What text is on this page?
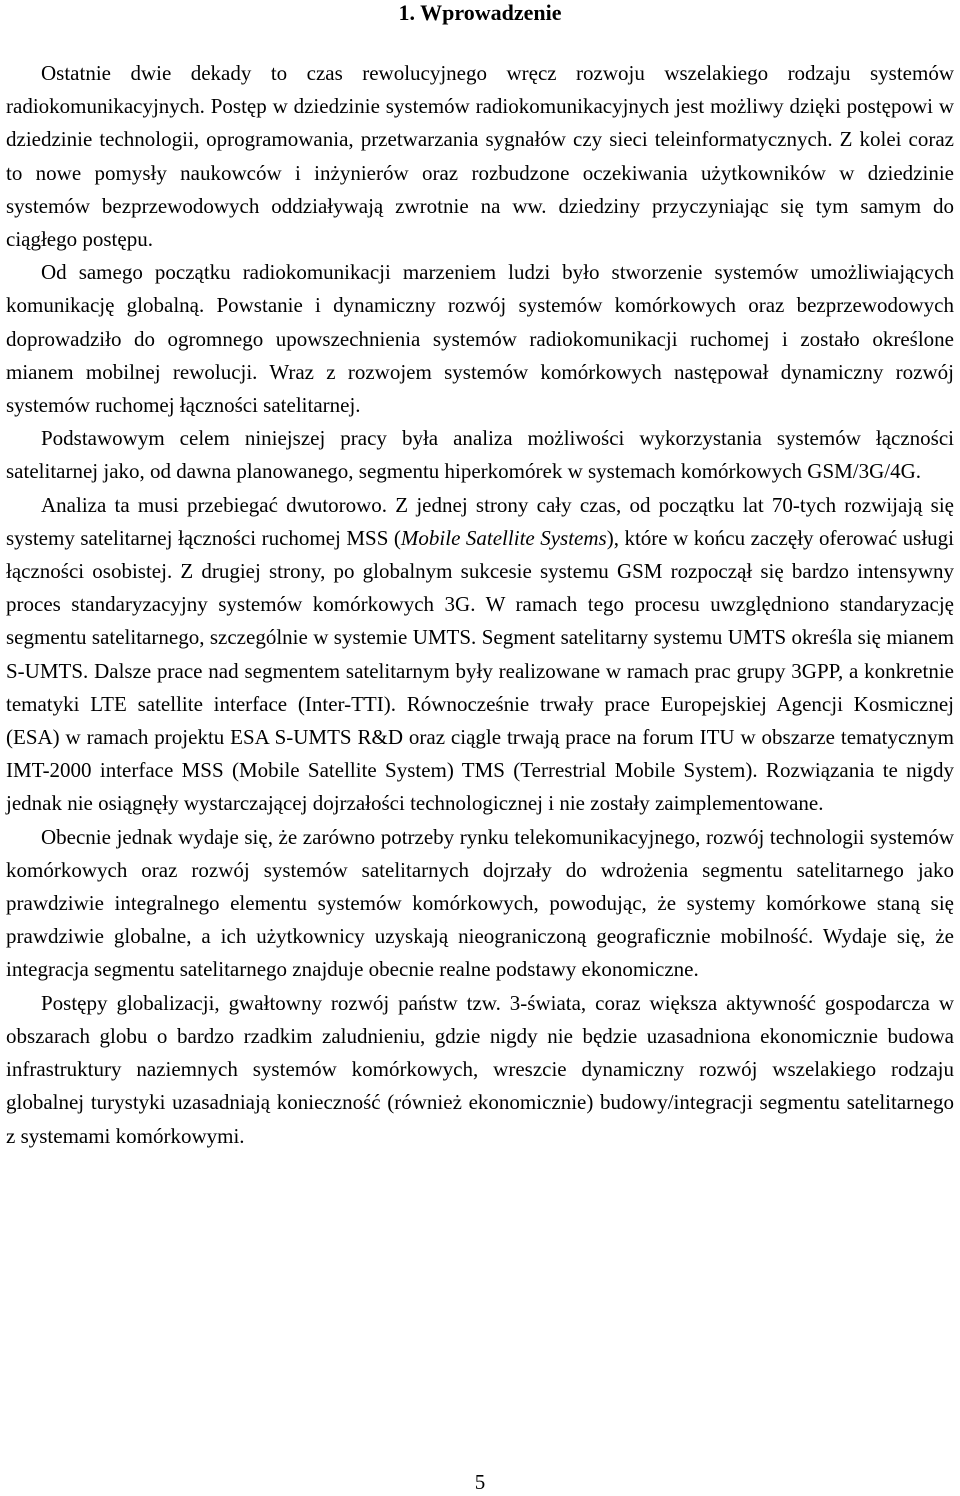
1. Wprowadzenie

Ostatnie dwie dekady to czas rewolucyjnego wręcz rozwoju wszelakiego rodzaju systemów radiokomunikacyjnych. Postęp w dziedzinie systemów radiokomunikacyjnych jest możliwy dzięki postępowi w dziedzinie technologii, oprogramowania, przetwarzania sygnałów czy sieci teleinformatycznych. Z kolei coraz to nowe pomysły naukowców i inżynierów oraz rozbudzone oczekiwania użytkowników w dziedzinie systemów bezprzewodowych oddziaływają zwrotnie na ww. dziedziny przyczyniając się tym samym do ciągłego postępu.

Od samego początku radiokomunikacji marzeniem ludzi było stworzenie systemów umożliwiających komunikację globalną. Powstanie i dynamiczny rozwój systemów komórkowych oraz bezprzewodowych doprowadziło do ogromnego upowszechnienia systemów radiokomunikacji ruchomej i zostało określone mianem mobilnej rewolucji. Wraz z rozwojem systemów komórkowych następował dynamiczny rozwój systemów ruchomej łączności satelitarnej.

Podstawowym celem niniejszej pracy była analiza możliwości wykorzystania systemów łączności satelitarnej jako, od dawna planowanego, segmentu hiperkomórek w systemach komórkowych GSM/3G/4G.

Analiza ta musi przebiegać dwutorowo. Z jednej strony cały czas, od początku lat 70-tych rozwijają się systemy satelitarnej łączności ruchomej MSS (Mobile Satellite Systems), które w końcu zaczęły oferować usługi łączności osobistej. Z drugiej strony, po globalnym sukcesie systemu GSM rozpoczął się bardzo intensywny proces standaryzacyjny systemów komórkowych 3G. W ramach tego procesu uwzględniono standaryzację segmentu satelitarnego, szczególnie w systemie UMTS. Segment satelitarny systemu UMTS określa się mianem S-UMTS. Dalsze prace nad segmentem satelitarnym były realizowane w ramach prac grupy 3GPP, a konkretnie tematyki LTE satellite interface (Inter-TTI). Równocześnie trwały prace Europejskiej Agencji Kosmicznej (ESA) w ramach projektu ESA S-UMTS R&D oraz ciągle trwają prace na forum ITU w obszarze tematycznym IMT-2000 interface MSS (Mobile Satellite System) TMS (Terrestrial Mobile System). Rozwiązania te nigdy jednak nie osiągnęły wystarczającej dojrzałości technologicznej i nie zostały zaimplementowane.

Obecnie jednak wydaje się, że zarówno potrzeby rynku telekomunikacyjnego, rozwój technologii systemów komórkowych oraz rozwój systemów satelitarnych dojrzały do wdrożenia segmentu satelitarnego jako prawdziwie integralnego elementu systemów komórkowych, powodując, że systemy komórkowe staną się prawdziwie globalne, a ich użytkownicy uzyskają nieograniczoną geograficznie mobilność. Wydaje się, że integracja segmentu satelitarnego znajduje obecnie realne podstawy ekonomiczne.

Postępy globalizacji, gwałtowny rozwój państw tzw. 3-świata, coraz większa aktywność gospodarcza w obszarach globu o bardzo rzadkim zaludnieniu, gdzie nigdy nie będzie uzasadniona ekonomicznie budowa infrastruktury naziemnych systemów komórkowych, wreszcie dynamiczny rozwój wszelakiego rodzaju globalnej turystyki uzasadniają konieczność (również ekonomicznie) budowy/integracji segmentu satelitarnego z systemami komórkowymi.

5
